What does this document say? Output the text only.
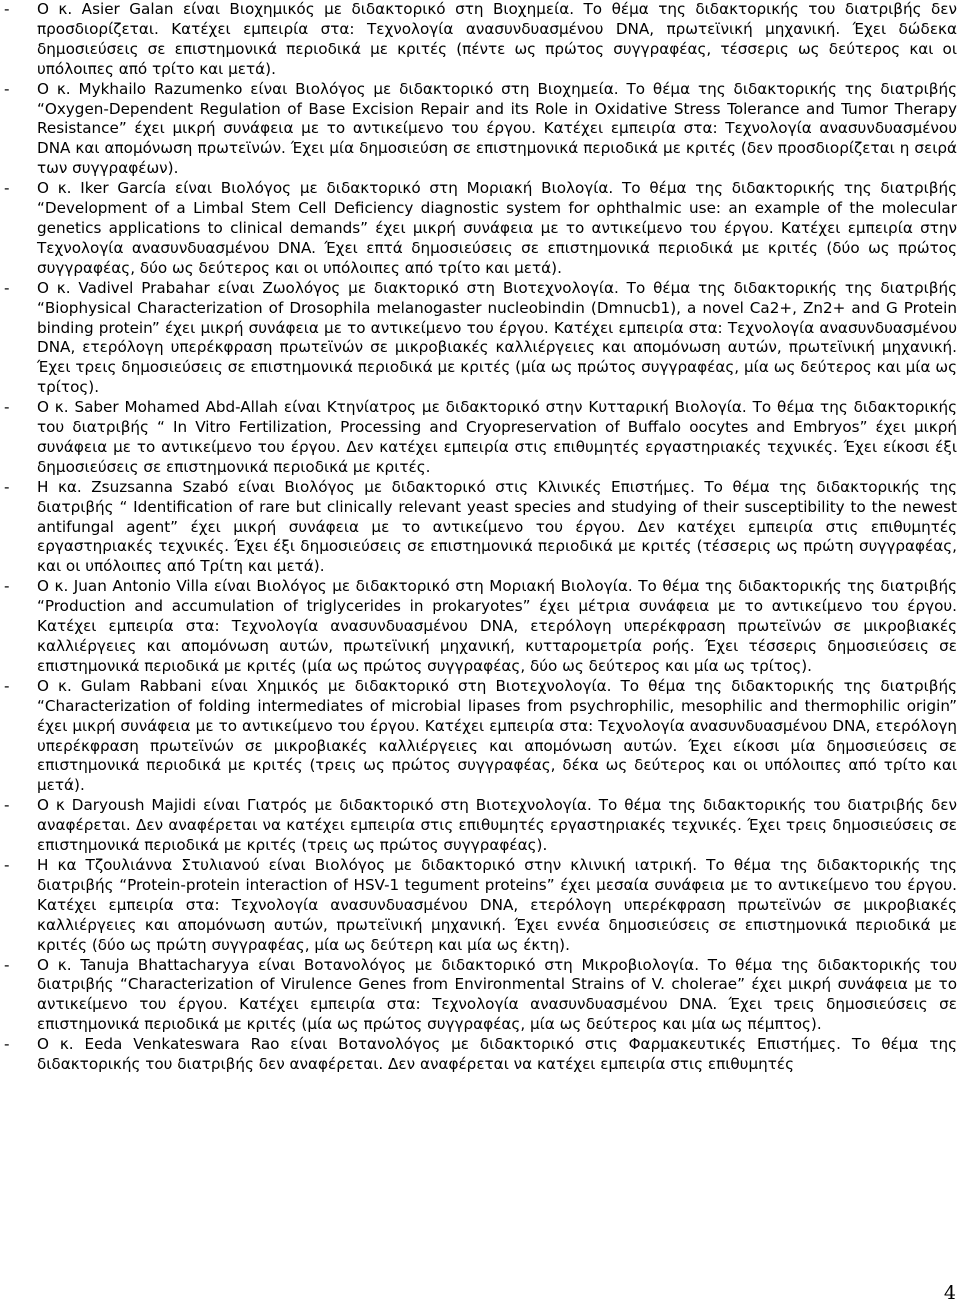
- Ο κ. Asier Galan είναι Βιοχημικός με διδακτορικό στη Βιοχημεία. Το θέμα της διδακτορικής του διατριβής δεν προσδιορίζεται. Κατέχει εμπειρία στα: Τεχνολογία ανασυνδυασμένου DNA, πρωτεϊνική μηχανική. Έχει δώδεκα δημοσιεύσεις σε επιστημονικά περιοδικά με κριτές (πέντε ως πρώτος συγγραφέας, τέσσερις ως δεύτερος και οι υπόλοιπες από τρίτο και μετά).

- Ο κ. Mykhailo Razumenko είναι Βιολόγος με διδακτορικό στη Βιοχημεία. Το θέμα της διδακτορικής της διατριβής “Oxygen-Dependent Regulation of Base Excision Repair and its Role in Oxidative Stress Tolerance and Tumor Therapy Resistance” έχει μικρή συνάφεια με το αντικείμενο του έργου. Κατέχει εμπειρία στα: Τεχνολογία ανασυνδυασμένου DNA και απομόνωση πρωτεϊνών. Έχει μία δημοσιεύση σε επιστημονικά περιοδικά με κριτές (δεν προσδιορίζεται η σειρά των συγγραφέων).

- Ο κ. Iker García είναι Βιολόγος με διδακτορικό στη Μοριακή Βιολογία. Το θέμα της διδακτορικής της διατριβής “Development of a Limbal Stem Cell Deficiency diagnostic system for ophthalmic use: an example of the molecular genetics applications to clinical demands” έχει μικρή συνάφεια με το αντικείμενο του έργου. Κατέχει εμπειρία στην Τεχνολογία ανασυνδυασμένου DNA. Έχει επτά δημοσιεύσεις σε επιστημονικά περιοδικά με κριτές (δύο ως πρώτος συγγραφέας, δύο ως δεύτερος και οι υπόλοιπες από τρίτο και μετά).

- Ο κ. Vadivel Prabahar είναι Ζωολόγος με διακτορικό στη Βιοτεχνολογία. Το θέμα της διδακτορικής της διατριβής “Biophysical Characterization of Drosophila melanogaster nucleobindin (Dmnucb1), a novel Ca2+, Zn2+ and G Protein binding protein” έχει μικρή συνάφεια με το αντικείμενο του έργου. Κατέχει εμπειρία στα: Τεχνολογία ανασυνδυασμένου DNA, ετερόλογη υπερέκφραση πρωτεϊνών σε μικροβιακές καλλιέργειες και απομόνωση αυτών, πρωτεϊνική μηχανική. Έχει τρεις δημοσιεύσεις σε επιστημονικά περιοδικά με κριτές (μία ως πρώτος συγγραφέας, μία ως δεύτερος και μία ως τρίτος).

- Ο κ. Saber Mohamed Abd-Allah είναι Κτηνίατρος με διδακτορικό στην Κυτταρική Βιολογία. Το θέμα της διδακτορικής του διατριβής “ In Vitro Fertilization, Processing and Cryopreservation of Buffalo oocytes and Embryos” έχει μικρή συνάφεια με το αντικείμενο του έργου. Δεν κατέχει εμπειρία στις επιθυμητές εργαστηριακές τεχνικές. Έχει είκοσι έξι δημοσιεύσεις σε επιστημονικά περιοδικά με κριτές.

- Η κα. Zsuzsanna Szabó είναι Βιολόγος με διδακτορικό στις Κλινικές Επιστήμες. Το θέμα της διδακτορικής της διατριβής “ Identification of rare but clinically relevant yeast species and studying of their susceptibility to the newest antifungal agent” έχει μικρή συνάφεια με το αντικείμενο του έργου. Δεν κατέχει εμπειρία στις επιθυμητές εργαστηριακές τεχνικές. Έχει έξι δημοσιεύσεις σε επιστημονικά περιοδικά με κριτές (τέσσερις ως πρώτη συγγραφέας, και οι υπόλοιπες από Τρίτη και μετά).

- Ο κ. Juan Antonio Villa είναι Βιολόγος με διδακτορικό στη Μοριακή Βιολογία. Το θέμα της διδακτορικής της διατριβής “Production and accumulation of triglycerides in prokaryotes” έχει μέτρια συνάφεια με το αντικείμενο του έργου. Κατέχει εμπειρία στα: Τεχνολογία ανασυνδυασμένου DNA, ετερόλογη υπερέκφραση πρωτεϊνών σε μικροβιακές καλλιέργειες και απομόνωση αυτών, πρωτεϊνική μηχανική, κυτταρομετρία ροής. Έχει τέσσερις δημοσιεύσεις σε επιστημονικά περιοδικά με κριτές (μία ως πρώτος συγγραφέας, δύο ως δεύτερος και μία ως τρίτος).

- Ο κ. Gulam Rabbani είναι Χημικός με διδακτορικό στη Βιοτεχνολογία. Το θέμα της διδακτορικής της διατριβής “Characterization of folding intermediates of microbial lipases from psychrophilic, mesophilic and thermophilic origin” έχει μικρή συνάφεια με το αντικείμενο του έργου. Κατέχει εμπειρία στα: Τεχνολογία ανασυνδυασμένου DNA, ετερόλογη υπερέκφραση πρωτεϊνών σε μικροβιακές καλλιέργειες και απομόνωση αυτών. Έχει είκοσι μία δημοσιεύσεις σε επιστημονικά περιοδικά με κριτές (τρεις ως πρώτος συγγραφέας, δέκα ως δεύτερος και οι υπόλοιπες από τρίτο και μετά).

- Ο κ Daryoush Majidi είναι Γιατρός με διδακτορικό στη Βιοτεχνολογία. Το θέμα της διδακτορικής του διατριβής δεν αναφέρεται. Δεν αναφέρεται να κατέχει εμπειρία στις επιθυμητές εργαστηριακές τεχνικές. Έχει τρεις δημοσιεύσεις σε επιστημονικά περιοδικά με κριτές (τρεις ως πρώτος συγγραφέας).

- Η κα Τζουλιάννα Στυλιανού είναι Βιολόγος με διδακτορικό στην κλινική ιατρική. Το θέμα της διδακτορικής της διατριβής “Protein-protein interaction of HSV-1 tegument proteins” έχει μεσαία συνάφεια με το αντικείμενο του έργου. Κατέχει εμπειρία στα: Τεχνολογία ανασυνδυασμένου DNA, ετερόλογη υπερέκφραση πρωτεϊνών σε μικροβιακές καλλιέργειες και απομόνωση αυτών, πρωτεϊνική μηχανική. Έχει εννέα δημοσιεύσεις σε επιστημονικά περιοδικά με κριτές (δύο ως πρώτη συγγραφέας, μία ως δεύτερη και μία ως έκτη).

- Ο κ. Tanuja Bhattacharyya είναι Βοτανολόγος με διδακτορικό στη Μικροβιολογία. Το θέμα της διδακτορικής του διατριβής “Characterization of Virulence Genes from Environmental Strains of V. cholerae” έχει μικρή συνάφεια με το αντικείμενο του έργου. Κατέχει εμπειρία στα: Τεχνολογία ανασυνδυασμένου DNA. Έχει τρεις δημοσιεύσεις σε επιστημονικά περιοδικά με κριτές (μία ως πρώτος συγγραφέας, μία ως δεύτερος και μία ως πέμπτος).

- Ο κ. Eeda Venkateswara Rao είναι Βοτανολόγος με διδακτορικό στις Φαρμακευτικές Επιστήμες. Το θέμα της διδακτορικής του διατριβής δεν αναφέρεται. Δεν αναφέρεται να κατέχει εμπειρία στις επιθυμητές

4
